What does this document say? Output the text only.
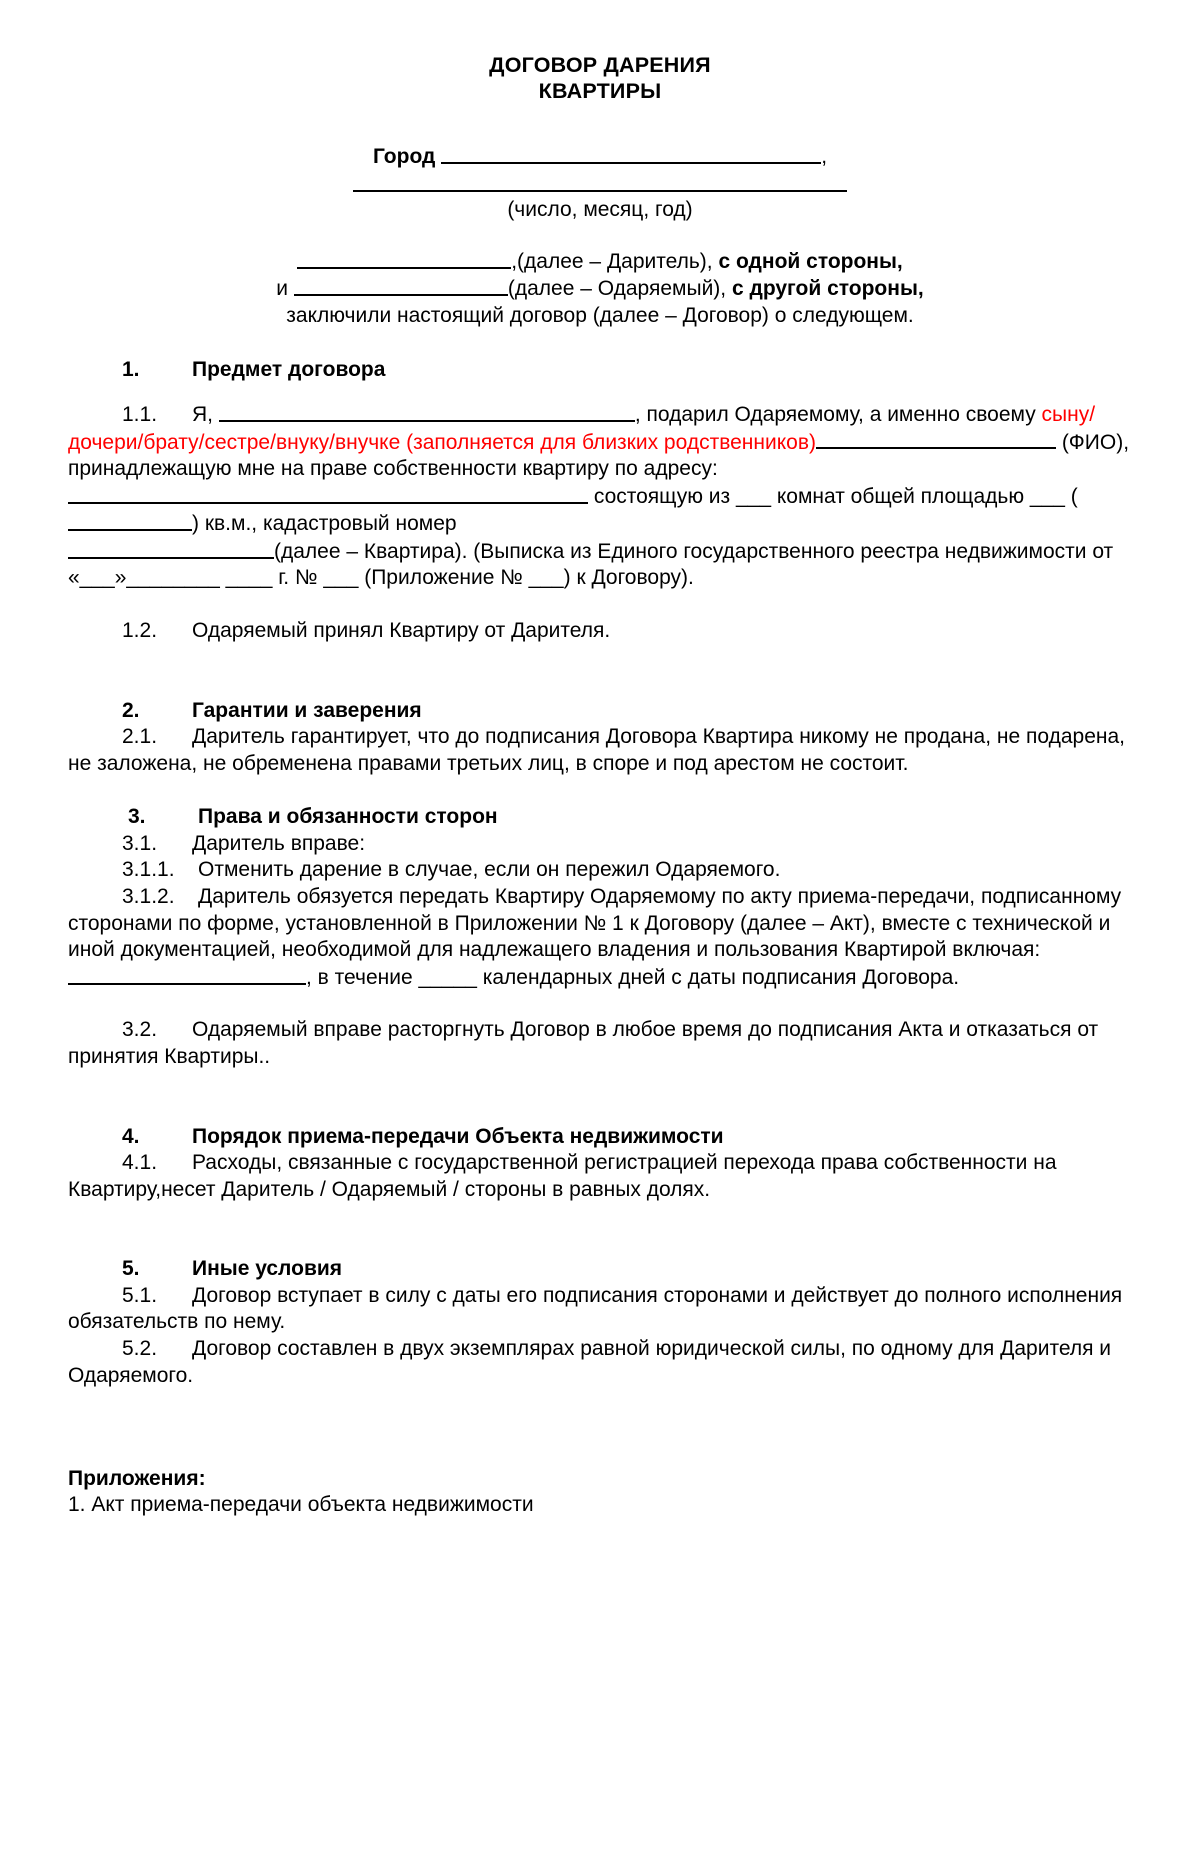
ДОГОВОР ДАРЕНИЯ
КВАРТИРЫ
Город	,
(число, месяц, год)
,(далее – Даритель), с одной стороны,
и	(далее – Одаряемый), с другой стороны,
заключили настоящий договор (далее – Договор) о следующем.
1. Предмет договора
1.1. Я,	, подарил Одаряемому, а именно своему сыну/дочери/брату/сестре/внуку/внучке (заполняется для близких родственников)	(ФИО), принадлежащую мне на праве собственности квартиру по адресу:
состоящую из ___ комнат общей площадью ___ () кв.м., кадастровый номер
(далее – Квартира). (Выписка из Единого государственного реестра недвижимости от «___»________ ____ г. № ___ (Приложение № ___) к Договору).
1.2. Одаряемый принял Квартиру от Дарителя.
2. Гарантии и заверения
2.1. Даритель гарантирует, что до подписания Договора Квартира никому не продана, не подарена, не заложена, не обременена правами третьих лиц, в споре и под арестом не состоит.
3. Права и обязанности сторон
3.1. Даритель вправе:
3.1.1. Отменить дарение в случае, если он пережил Одаряемого.
3.1.2. Даритель обязуется передать Квартиру Одаряемому по акту приема-передачи, подписанному сторонами по форме, установленной в Приложении № 1 к Договору (далее – Акт), вместе с технической и иной документацией, необходимой для надлежащего владения и пользования Квартирой включая:
, в течение _____ календарных дней с даты подписания Договора.
3.2. Одаряемый вправе расторгнуть Договор в любое время до подписания Акта и отказаться от принятия Квартиры..
4. Порядок приема-передачи Объекта недвижимости
4.1. Расходы, связанные с государственной регистрацией перехода права собственности на Квартиру,несет Даритель / Одаряемый / стороны в равных долях.
5. Иные условия
5.1. Договор вступает в силу с даты его подписания сторонами и действует до полного исполнения обязательств по нему.
5.2. Договор составлен в двух экземплярах равной юридической силы, по одному для Дарителя и Одаряемого.
Приложения:
1. Акт приема-передачи объекта недвижимости
